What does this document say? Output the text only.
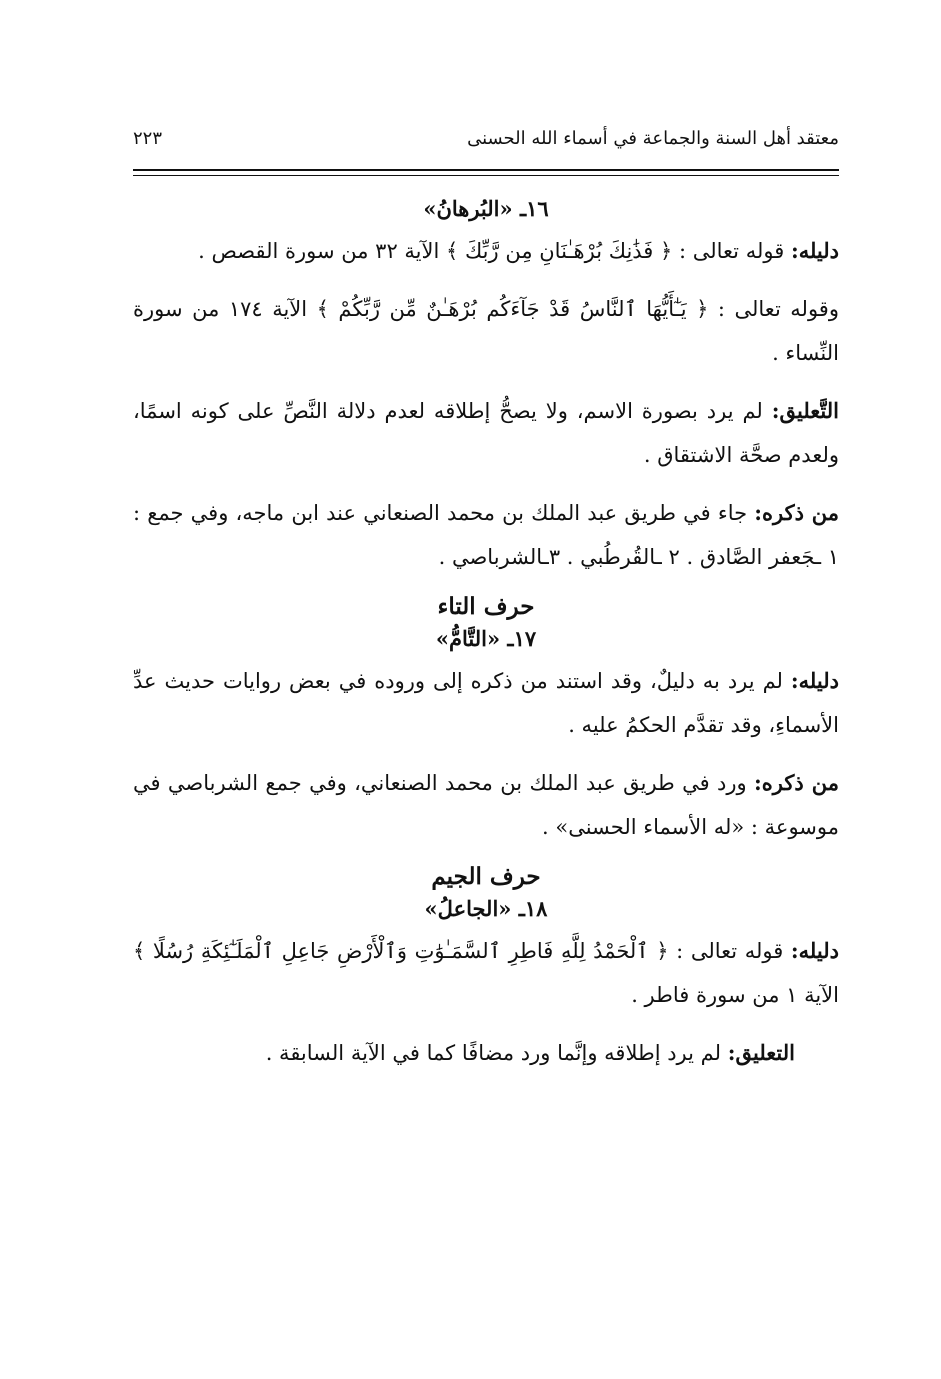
معتقد أهل السنة والجماعة في أسماء الله الحسنى
٢٢٣
١٦ـ «البُرهانُ»

دليله: قوله تعالى : ﴿ فَذَٰنِكَ بُرْهَـٰنَانِ مِن رَّبِّكَ ﴾ الآية ٣٢ من سورة القصص .

وقوله تعالى : ﴿ يَـٰٓأَيُّهَا ٱلنَّاسُ قَدْ جَآءَكُم بُرْهَـٰنٌ مِّن رَّبِّكُمْ ﴾ الآية ١٧٤ من سورة النِّساء .

التَّعليق: لم يرد بصورة الاسم، ولا يصحُّ إطلاقه لعدم دلالة النَّصِّ على كونه اسمًا، ولعدم صحَّة الاشتقاق .

من ذكره: جاء في طريق عبد الملك بن محمد الصنعاني عند ابن ماجه، وفي جمع : ١ ـجَعفر الصَّادق . ٢ ـالقُرطُبي . ٣ـالشرباصي .

حرف التاء
١٧ـ «التَّامُّ»

دليله: لم يرد به دليلٌ، وقد استند من ذكره إلى وروده في بعض روايات حديث عدِّ الأسماءِ، وقد تقدَّم الحكمُ عليه .

من ذكره: ورد في طريق عبد الملك بن محمد الصنعاني، وفي جمع الشرباصي في موسوعة : «له الأسماء الحسنى» .

حرف الجيم
١٨ـ «الجاعلُ»

دليله: قوله تعالى : ﴿ ٱلْحَمْدُ لِلَّهِ فَاطِرِ ٱلسَّمَـٰوَٰتِ وَٱلْأَرْضِ جَاعِلِ ٱلْمَلَـٰٓئِكَةِ رُسُلًا ﴾ الآية ١ من سورة فاطر .

التعليق: لم يرد إطلاقه وإنَّما ورد مضافًا كما في الآية السابقة .
